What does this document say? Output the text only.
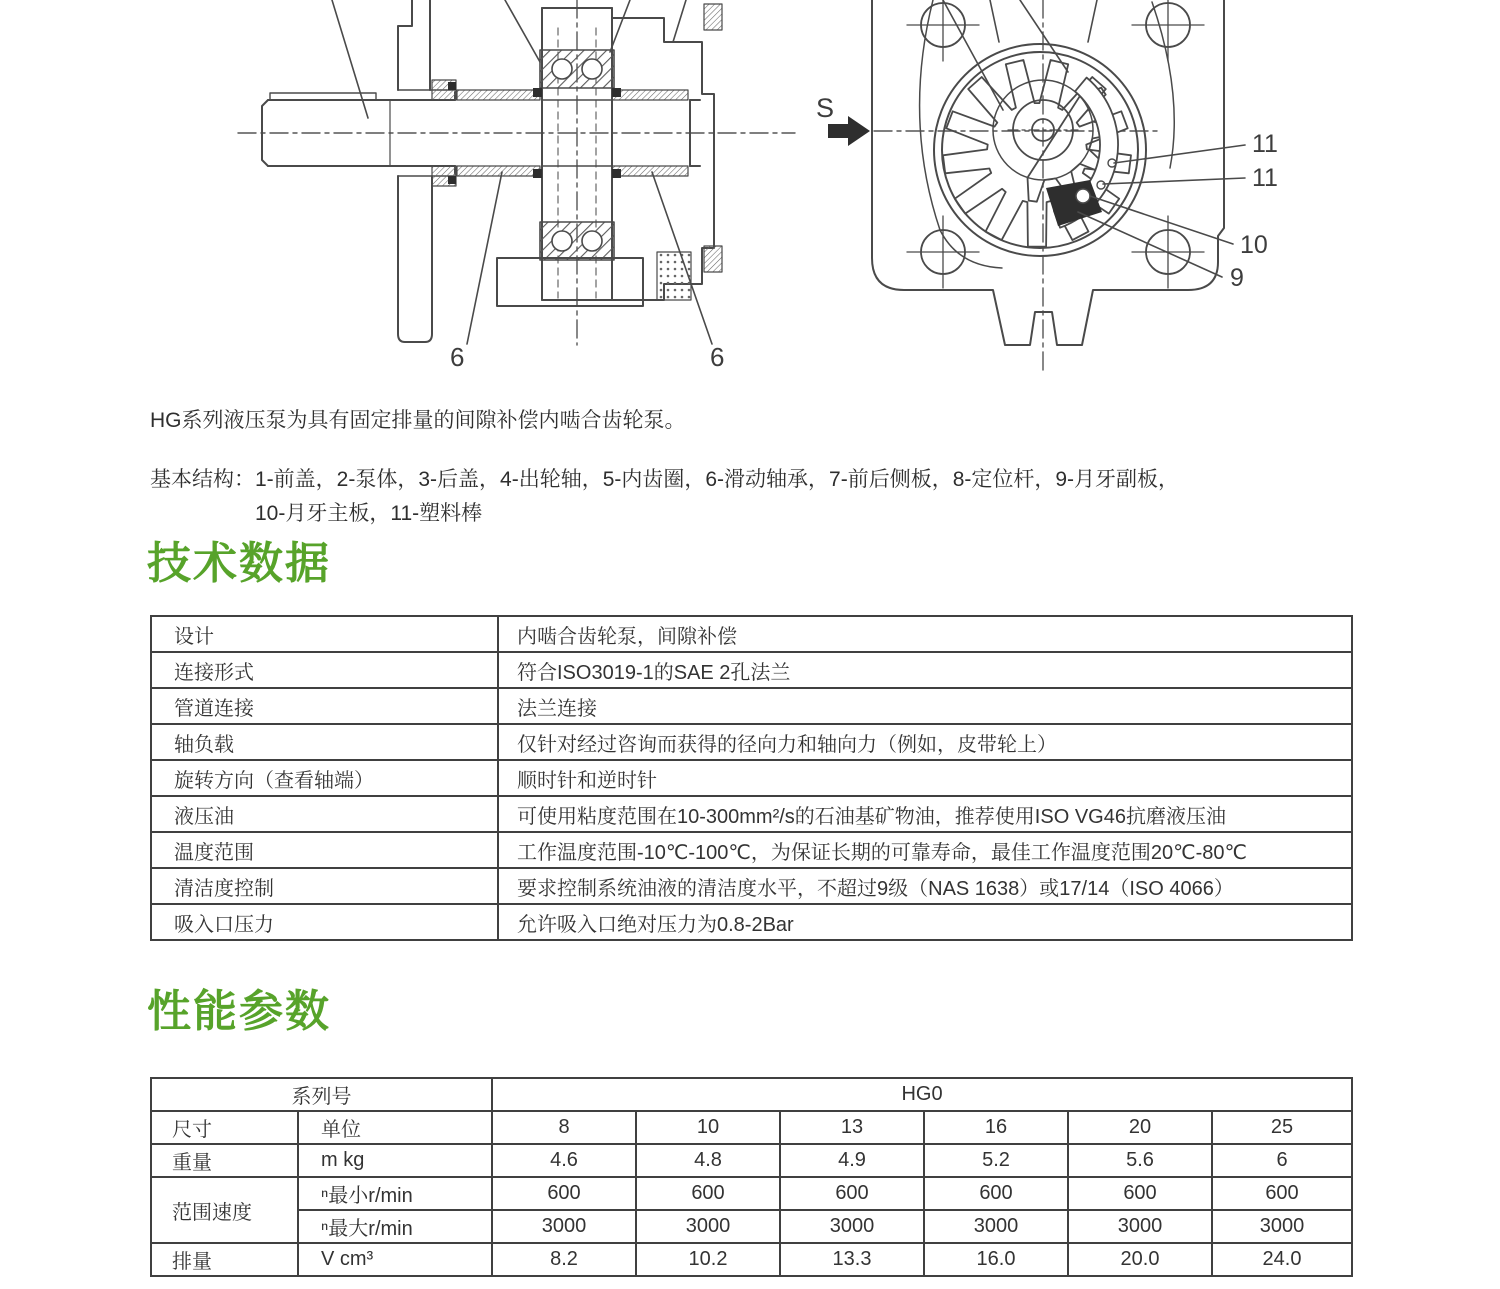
6	6
S
11
11
10
9

HG系列液压泵为具有固定排量的间隙补偿内啮合齿轮泵。

基本结构： 1-前盖，2-泵体，3-后盖，4-出轮轴，5-内齿圈，6-滑动轴承，7-前后侧板，8-定位杆，9-月牙副板，
10-月牙主板，11-塑料棒
技术数据
设计	内啮合齿轮泵，间隙补偿
连接形式	符合ISO3019-1的SAE 2孔法兰
管道连接	法兰连接
轴负载	仅针对经过咨询而获得的径向力和轴向力（例如，皮带轮上）
旋转方向（查看轴端）	顺时针和逆时针
液压油	可使用粘度范围在10-300mm²/s的石油基矿物油，推荐使用ISO VG46抗磨液压油
温度范围	工作温度范围-10℃-100℃，为保证长期的可靠寿命，最佳工作温度范围20℃-80℃
清洁度控制	要求控制系统油液的清洁度水平，不超过9级（NAS 1638）或17/14（ISO 4066）
吸入口压力	允许吸入口绝对压力为0.8-2Bar
性能参数
系列号		HG0					
尺寸	单位	8	10	13	16	20	25
重量	m kg	4.6	4.8	4.9	5.2	5.6	6
范围速度	ⁿ最小r/min	600	600	600	600	600	600
	ⁿ最大r/min	3000	3000	3000	3000	3000	3000
排量	V cm³	8.2	10.2	13.3	16.0	20.0	24.0
